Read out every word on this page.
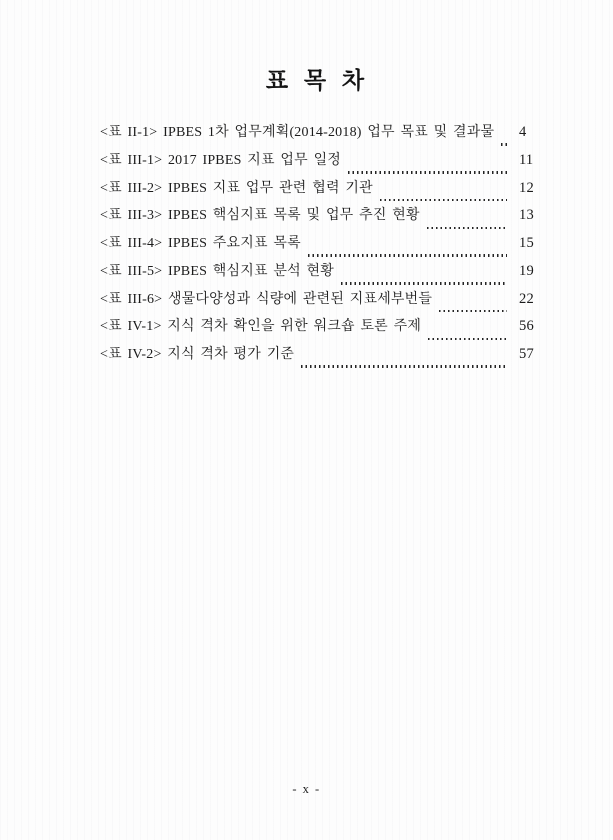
표 목 차
<표 II-1> IPBES 1차 업무계획(2014-2018) 업무 목표 및 결과물 4
<표 III-1> 2017 IPBES 지표 업무 일정	11
<표 III-2> IPBES 지표 업무 관련 협력 기관	12
<표 III-3> IPBES 핵심지표 목록 및 업무 추진 현황	13
<표 III-4> IPBES 주요지표 목록	15
<표 III-5> IPBES 핵심지표 분석 현황	19
<표 III-6> 생물다양성과 식량에 관련된 지표세부번들	22
<표 IV-1> 지식 격차 확인을 위한 워크숍 토론 주제	56
<표 IV-2> 지식 격차 평가 기준	57
- x -
